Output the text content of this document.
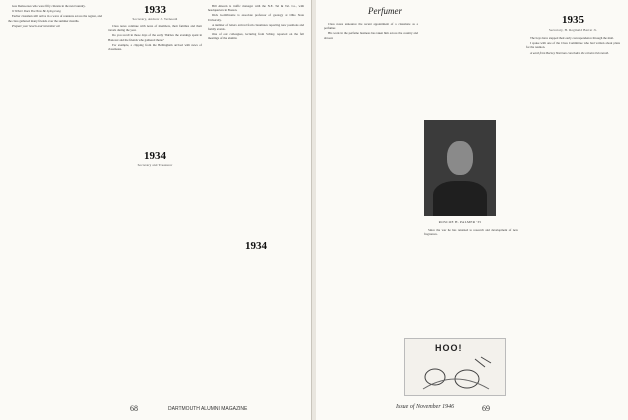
Gus Demoorses who were fifty citizens in the next laundry.

O Where Does You Now Be Lying Long

Earlier classmen still arrive in a wave of reunions across the region, and the class gathered many friends over the summer months.

Prepare your hearts and remember all.

1933
Secretary, Andrew J. Vernoosh

Class notes continue with news of members, their families and their travels during the year.

Do you recall in those days of the early Thirties the evenings spent in Hanover and the friends who gathered there?

For example, a clipping from the Bellingham arrived with news of classmates.

1934
Secretary and Treasurer

Bill Ahearn is traffic manager with the N.E. Tel & Tel. Co., with headquarters in Boston.

Dick Goldthwaite is associate professor of geology at Ohio State University.

A number of letters arrived from classmates reporting new positions and family events.

One of our colleagues, lecturing from Schley, reported on the fall meetings of the alumni.

1934
68	DARTMOUTH ALUMNI MAGAZINE
Perfumer

Class notes announce the recent appointment of a classmate as a perfumer.

His work in the perfume business has taken him across the country and abroad.

ROSCOE H. PALMER '35

Since the war he has returned to research and development of new fragrances.

1935
Secretary, H. Reginald Barret Jr.

The boys have stepped their early correspondence through the mail.

I spoke with one of the Class Committee who had written about plans for the reunion.

A word from Barney Sherman concludes the column this month.

HOO!
Issue of November 1946	69
